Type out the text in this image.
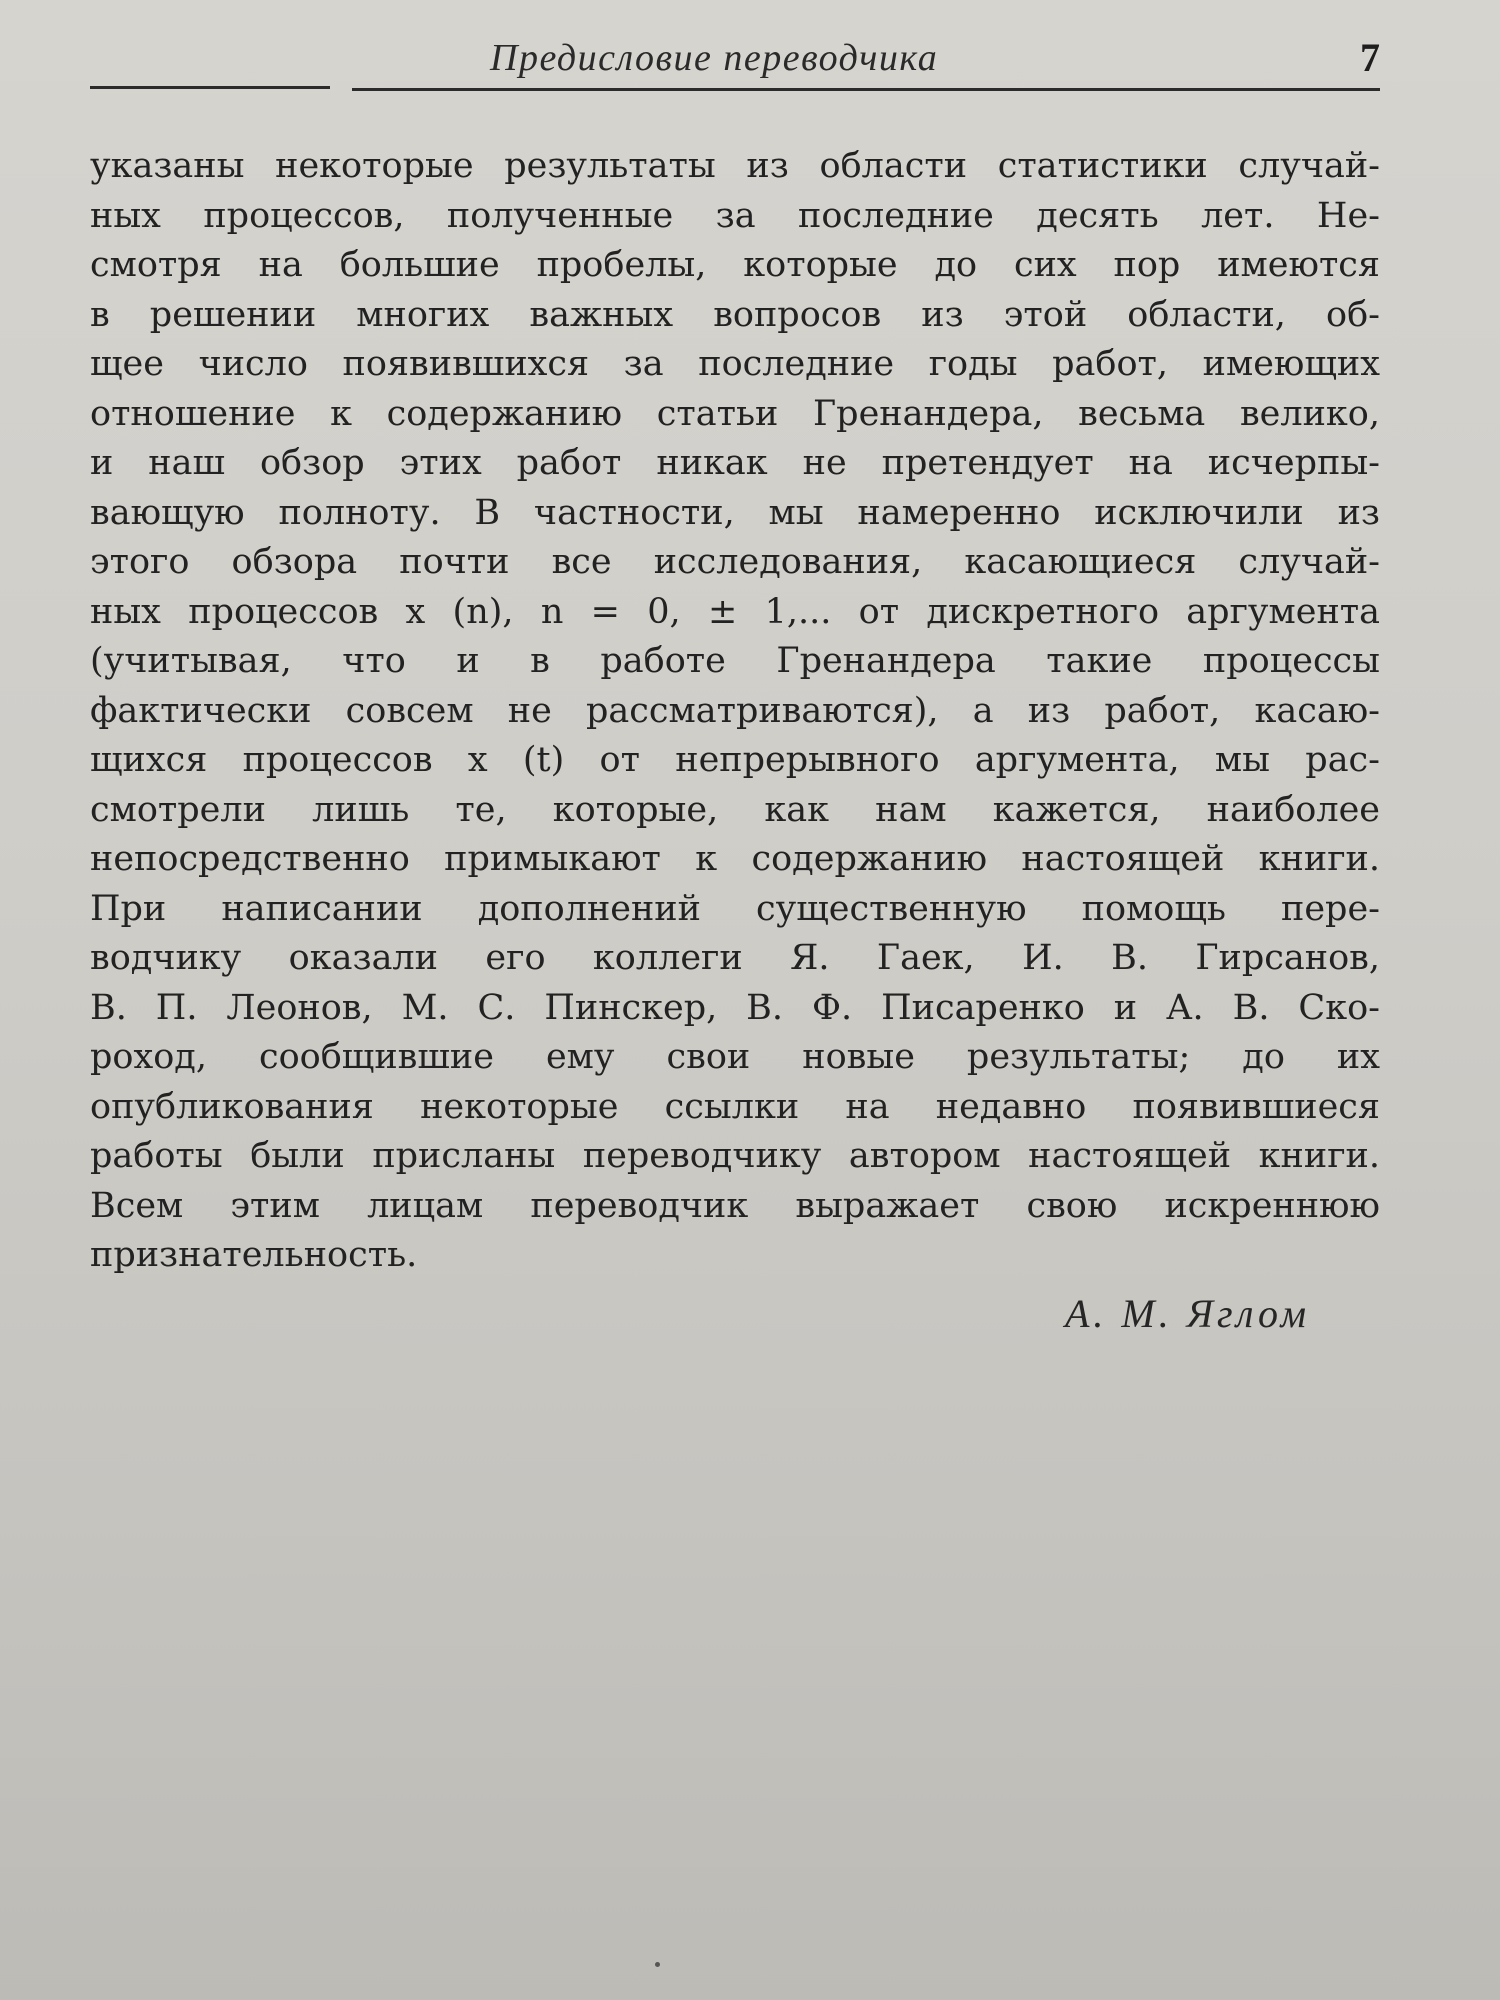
Предисловие переводчика	7
указаны некоторые результаты из области статистики случай-
ных процессов, полученные за последние десять лет. Не-
смотря на большие пробелы, которые до сих пор имеются
в решении многих важных вопросов из этой области, об-
щее число появившихся за последние годы работ, имеющих
отношение к содержанию статьи Гренандера, весьма велико,
и наш обзор этих работ никак не претендует на исчерпы-
вающую полноту. В частности, мы намеренно исключили из
этого обзора почти все исследования, касающиеся случай-
ных процессов x (n), n = 0, ± 1,... от дискретного аргумента
(учитывая, что и в работе Гренандера такие процессы
фактически совсем не рассматриваются), а из работ, касаю-
щихся процессов x (t) от непрерывного аргумента, мы рас-
смотрели лишь те, которые, как нам кажется, наиболее
непосредственно примыкают к содержанию настоящей книги.
При написании дополнений существенную помощь пере-
водчику оказали его коллеги Я. Гаек, И. В. Гирсанов,
В. П. Леонов, М. С. Пинскер, В. Ф. Писаренко и А. В. Ско-
роход, сообщившие ему свои новые результаты; до их
опубликования некоторые ссылки на недавно появившиеся
работы были присланы переводчику автором настоящей книги.
Всем этим лицам переводчик выражает свою искреннюю
признательность.
А. М. Яглом
